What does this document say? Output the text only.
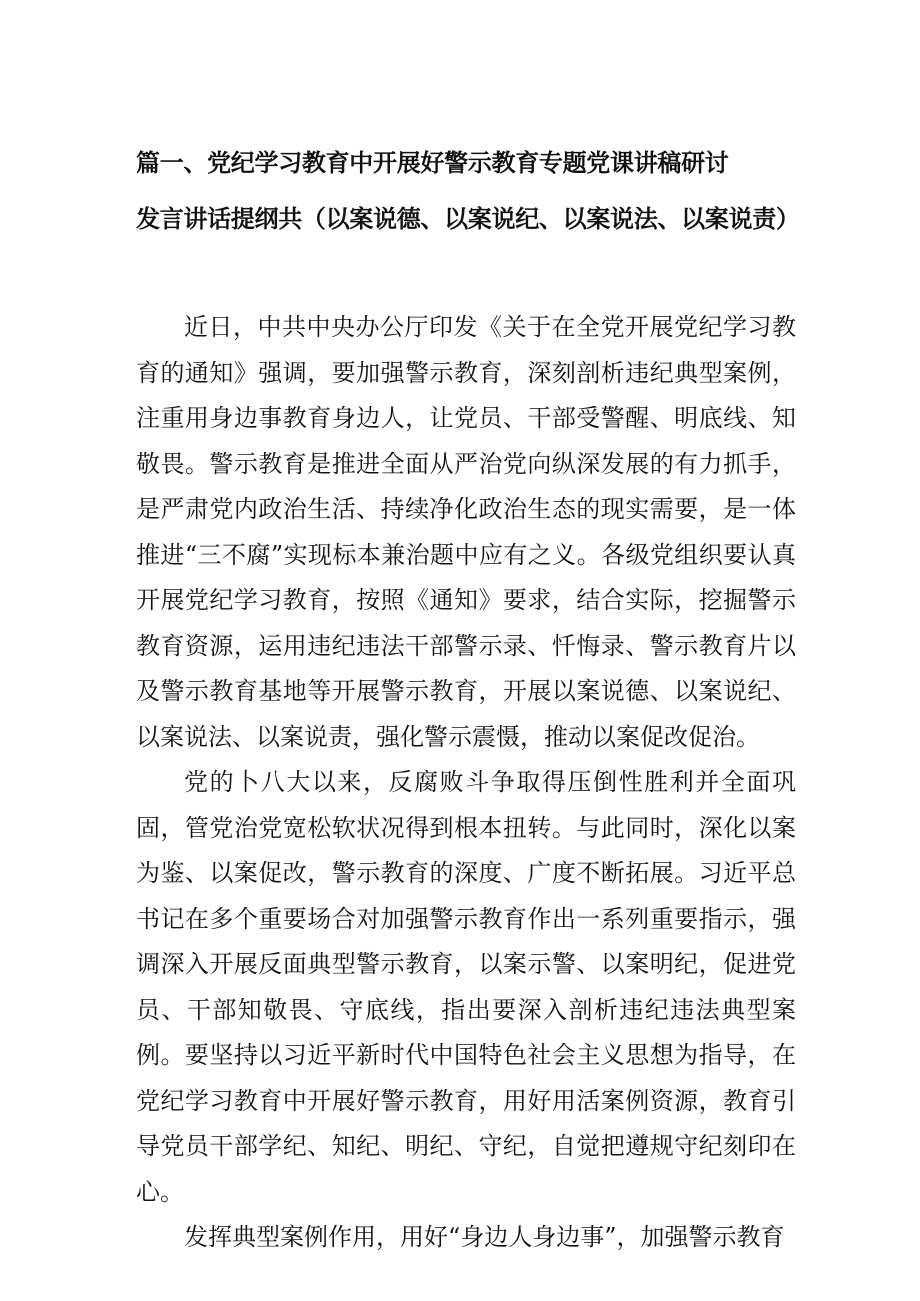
篇一、党纪学习教育中开展好警示教育专题党课讲稿研讨
发言讲话提纲共（以案说德、以案说纪、以案说法、以案说责）

近日，中共中央办公厅印发《关于在全党开展党纪学习教育的通知》强调，要加强警示教育，深刻剖析违纪典型案例，注重用身边事教育身边人，让党员、干部受警醒、明底线、知敬畏。警示教育是推进全面从严治党向纵深发展的有力抓手，是严肃党内政治生活、持续净化政治生态的现实需要，是一体推进“三不腐”实现标本兼治题中应有之义。各级党组织要认真开展党纪学习教育，按照《通知》要求，结合实际，挖掘警示教育资源，运用违纪违法干部警示录、忏悔录、警示教育片以及警示教育基地等开展警示教育，开展以案说德、以案说纪、以案说法、以案说责，强化警示震慑，推动以案促改促治。

党的卜八大以来，反腐败斗争取得压倒性胜利并全面巩固，管党治党宽松软状况得到根本扭转。与此同时，深化以案为鉴、以案促改，警示教育的深度、广度不断拓展。习近平总书记在多个重要场合对加强警示教育作出一系列重要指示，强调深入开展反面典型警示教育，以案示警、以案明纪，促进党员、干部知敬畏、守底线，指出要深入剖析违纪违法典型案例。要坚持以习近平新时代中国特色社会主义思想为指导，在党纪学习教育中开展好警示教育，用好用活案例资源，教育引导党员干部学纪、知纪、明纪、守纪，自觉把遵规守纪刻印在心。

发挥典型案例作用，用好“身边人身边事”，加强警示教育
